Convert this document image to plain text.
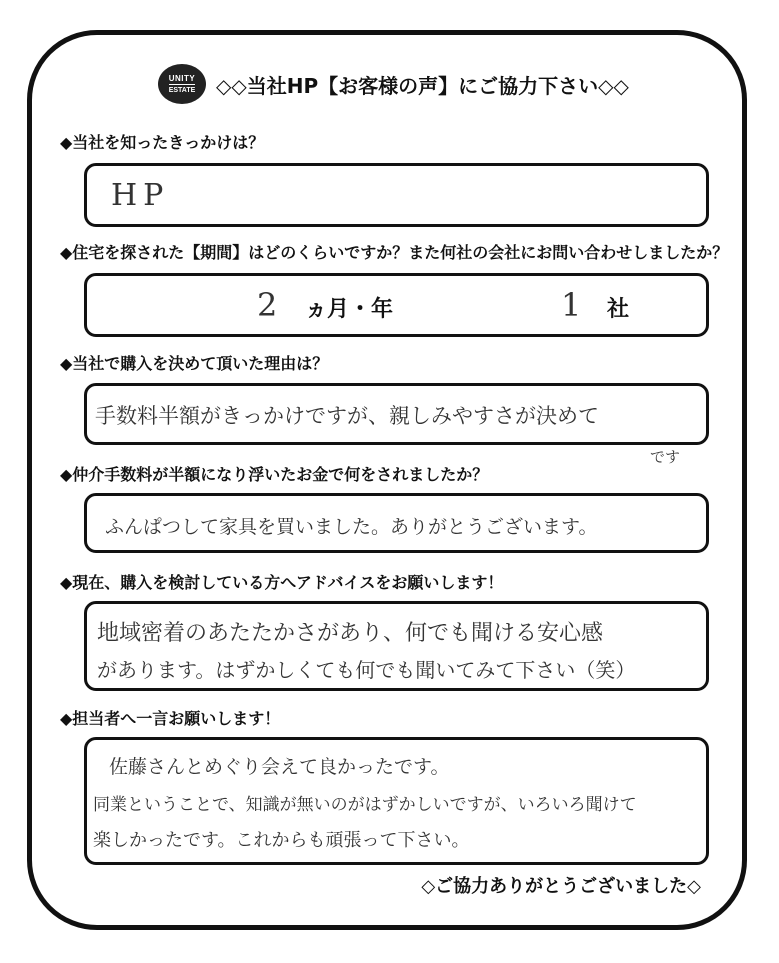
UNITY
ESTATE ◇◇当社HP【お客様の声】にご協力下さい◇◇
◆当社を知ったきっかけは？
HP
◆住宅を探された【期間】はどのくらいですか？また何社の会社にお問い合わせしましたか？
2 ヵ月・年	1 社
◆当社で購入を決めて頂いた理由は？
手数料半額がきっかけですが、親しみやすさが決めて
です
◆仲介手数料が半額になり浮いたお金で何をされましたか？
ふんぱつして家具を買いました。ありがとうございます。
◆現在、購入を検討している方へアドバイスをお願いします！
地域密着のあたたかさがあり、何でも聞ける安心感
があります。はずかしくても何でも聞いてみて下さい（笑）
◆担当者へ一言お願いします！
佐藤さんとめぐり会えて良かったです。
同業ということで、知識が無いのがはずかしいですが、いろいろ聞けて
楽しかったです。これからも頑張って下さい。
◇ご協力ありがとうございました◇
